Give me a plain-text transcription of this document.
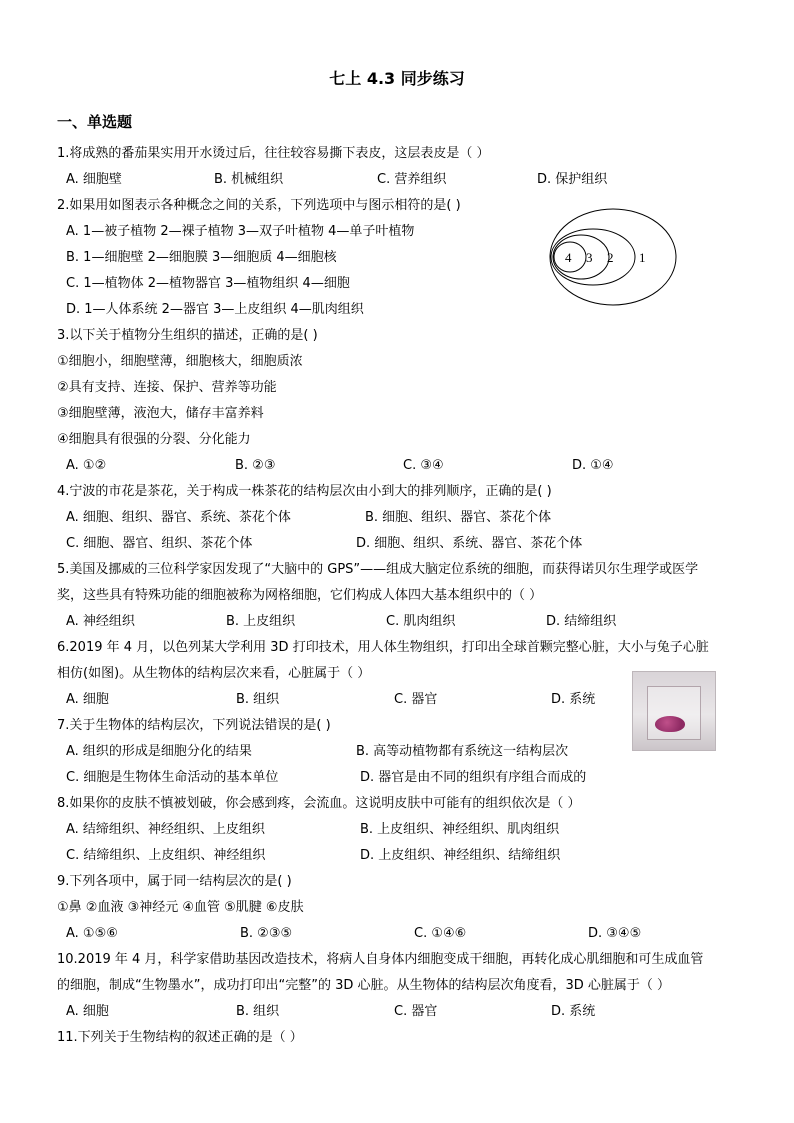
七上 4.3 同步练习
一、单选题
1.将成熟的番茄果实用开水烫过后，往往较容易撕下表皮，这层表皮是（ ）
A. 细胞壁	B. 机械组织	C. 营养组织	D. 保护组织
2.如果用如图表示各种概念之间的关系，下列选项中与图示相符的是( )
A. 1—被子植物 2—裸子植物 3—双子叶植物 4—单子叶植物
B. 1—细胞壁 2—细胞膜 3—细胞质 4—细胞核
C. 1—植物体 2—植物器官 3—植物组织 4—细胞
D. 1—人体系统 2—器官 3—上皮组织 4—肌肉组织
4 3 2 1
3.以下关于植物分生组织的描述，正确的是( )
①细胞小，细胞壁薄，细胞核大，细胞质浓
②具有支持、连接、保护、营养等功能
③细胞壁薄，液泡大，储存丰富养料
④细胞具有很强的分裂、分化能力
A. ①②	B. ②③	C. ③④	D. ①④
4.宁波的市花是茶花，关于构成一株茶花的结构层次由小到大的排列顺序，正确的是( )
A. 细胞、组织、器官、系统、茶花个体	B. 细胞、组织、器官、茶花个体
C. 细胞、器官、组织、茶花个体	D. 细胞、组织、系统、器官、茶花个体
5.美国及挪威的三位科学家因发现了“大脑中的 GPS”——组成大脑定位系统的细胞，而获得诺贝尔生理学或医学
奖，这些具有特殊功能的细胞被称为网格细胞，它们构成人体四大基本组织中的（ ）
A. 神经组织	B. 上皮组织	C. 肌肉组织	D. 结缔组织
6.2019 年 4 月，以色列某大学利用 3D 打印技术，用人体生物组织，打印出全球首颗完整心脏，大小与兔子心脏
相仿(如图)。从生物体的结构层次来看，心脏属于（ ）
A. 细胞	B. 组织	C. 器官	D. 系统
7.关于生物体的结构层次，下列说法错误的是( )
A. 组织的形成是细胞分化的结果	B. 高等动植物都有系统这一结构层次
C. 细胞是生物体生命活动的基本单位	D. 器官是由不同的组织有序组合而成的
8.如果你的皮肤不慎被划破，你会感到疼，会流血。这说明皮肤中可能有的组织依次是（ ）
A. 结缔组织、神经组织、上皮组织	B. 上皮组织、神经组织、肌肉组织
C. 结缔组织、上皮组织、神经组织	D. 上皮组织、神经组织、结缔组织
9.下列各项中，属于同一结构层次的是( )
①鼻 ②血液 ③神经元 ④血管 ⑤肌腱 ⑥皮肤
A. ①⑤⑥	B. ②③⑤	C. ①④⑥	D. ③④⑤
10.2019 年 4 月，科学家借助基因改造技术，将病人自身体内细胞变成干细胞，再转化成心肌细胞和可生成血管
的细胞，制成“生物墨水”，成功打印出“完整”的 3D 心脏。从生物体的结构层次角度看，3D 心脏属于（ ）
A. 细胞	B. 组织	C. 器官	D. 系统
11.下列关于生物结构的叙述正确的是（ ）
